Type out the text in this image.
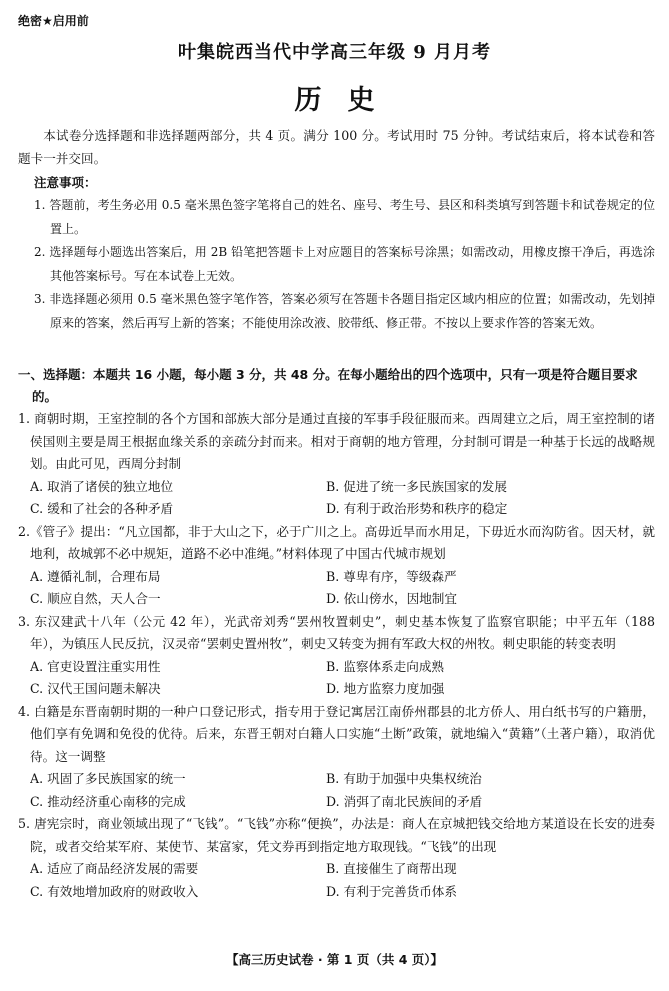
绝密★启用前
叶集皖西当代中学高三年级 9 月月考
历史

本试卷分选择题和非选择题两部分，共 4 页。满分 100 分。考试用时 75 分钟。考试结束后，将本试卷和答题卡一并交回。

注意事项：

1. 答题前，考生务必用 0.5 毫米黑色签字笔将自己的姓名、座号、考生号、县区和科类填写到答题卡和试卷规定的位置上。

2. 选择题每小题选出答案后，用 2B 铅笔把答题卡上对应题目的答案标号涂黑；如需改动，用橡皮擦干净后，再选涂其他答案标号。写在本试卷上无效。

3. 非选择题必须用 0.5 毫米黑色签字笔作答，答案必须写在答题卡各题目指定区域内相应的位置；如需改动，先划掉原来的答案，然后再写上新的答案；不能使用涂改液、胶带纸、修正带。不按以上要求作答的答案无效。

一、选择题：本题共 16 小题，每小题 3 分，共 48 分。在每小题给出的四个选项中，只有一项是符合题目要求的。

1. 商朝时期，王室控制的各个方国和部族大部分是通过直接的军事手段征服而来。西周建立之后，周王室控制的诸侯国则主要是周王根据血缘关系的亲疏分封而来。相对于商朝的地方管理，分封制可谓是一种基于长远的战略规划。由此可见，西周分封制

A. 取消了诸侯的独立地位	B. 促进了统一多民族国家的发展
C. 缓和了社会的各种矛盾	D. 有利于政治形势和秩序的稳定

2.《管子》提出：“凡立国都，非于大山之下，必于广川之上。高毋近旱而水用足，下毋近水而沟防省。因天材，就地利，故城郭不必中规矩，道路不必中准绳。”材料体现了中国古代城市规划

A. 遵循礼制，合理布局	B. 尊卑有序，等级森严
C. 顺应自然，天人合一	D. 依山傍水，因地制宜

3. 东汉建武十八年（公元 42 年），光武帝刘秀“罢州牧置刺史”，刺史基本恢复了监察官职能；中平五年（188 年），为镇压人民反抗，汉灵帝“罢刺史置州牧”，刺史又转变为拥有军政大权的州牧。刺史职能的转变表明

A. 官吏设置注重实用性	B. 监察体系走向成熟
C. 汉代王国问题未解决	D. 地方监察力度加强

4. 白籍是东晋南朝时期的一种户口登记形式，指专用于登记寓居江南侨州郡县的北方侨人、用白纸书写的户籍册，他们享有免调和免役的优待。后来，东晋王朝对白籍人口实施“土断”政策，就地编入“黄籍”（土著户籍），取消优待。这一调整

A. 巩固了多民族国家的统一	B. 有助于加强中央集权统治
C. 推动经济重心南移的完成	D. 消弭了南北民族间的矛盾

5. 唐宪宗时，商业领域出现了“飞钱”。“飞钱”亦称“便换”，办法是：商人在京城把钱交给地方某道设在长安的进奏院，或者交给某军府、某使节、某富家，凭文券再到指定地方取现钱。“飞钱”的出现

A. 适应了商品经济发展的需要	B. 直接催生了商帮出现
C. 有效地增加政府的财政收入	D. 有利于完善货币体系
【高三历史试卷 · 第 1 页（共 4 页）】
